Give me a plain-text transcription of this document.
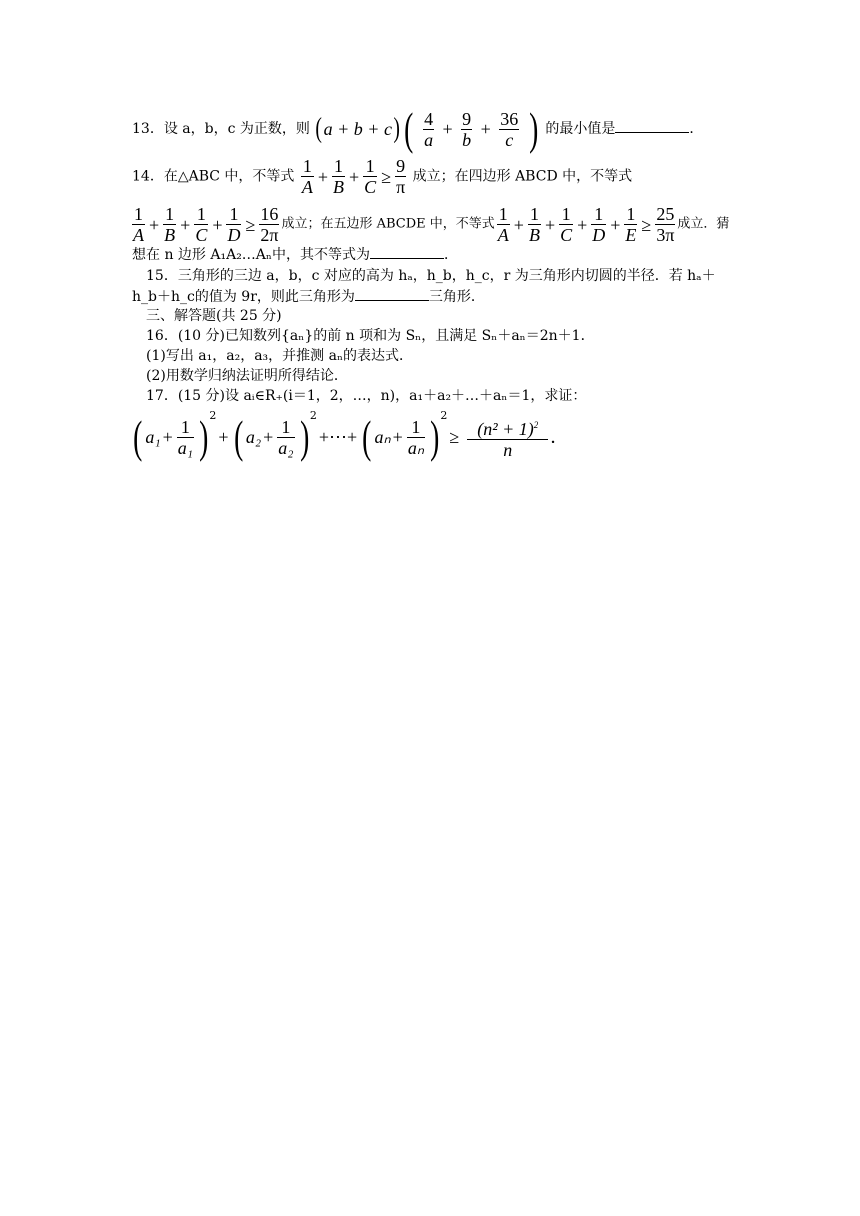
13．设 a，b，c 为正数，则 $(a + b + c)( \frac{4}{a} + \frac{9}{b} + \frac{36}{c}$ ) 的最小值是	．
14．在△ABC 中，不等式 $\frac{1}{A} + \frac{1}{B} + \frac{1}{C} \ge \frac{9}{\pi}$ 成立；在四边形 ABCD 中，不等式
$\frac{1}{A} + \frac{1}{B} + \frac{1}{C} + \frac{1}{D} \ge \frac{16}{2\pi}$ 成立；在五边形 ABCDE 中，不等式 $\frac{1}{A} + \frac{1}{B} + \frac{1}{C} + \frac{1}{D} + \frac{1}{E} \ge \frac{25}{3\pi}$ 成立．猜
想在 n 边形 A₁A₂…Aₙ中，其不等式为	．
15．三角形的三边 a，b，c 对应的高为 hₐ，h_b，h_c，r 为三角形内切圆的半径．若 hₐ＋
h_b＋h_c的值为 9r，则此三角形为	三角形．
三、解答题(共 25 分)
16．(10 分)已知数列{aₙ}的前 n 项和为 Sₙ，且满足 Sₙ＋aₙ＝2n＋1．
(1)写出 a₁，a₂，a₃，并推测 aₙ的表达式．
(2)用数学归纳法证明所得结论．
17．(15 分)设 aᵢ∈R₊(i＝1，2，…，n)，a₁＋a₂＋…＋aₙ＝1，求证：
( $a_1 + \frac{1}{\text{a₁}} )^2+$ ( $a_2 + \frac{1}{\text{a₂}}$ )$^2$+⋯+ ( $a_n + \frac{1}{\text{aₙ}} )^2\ge \frac{(n^2 + 1)^2}{n}$ ．
